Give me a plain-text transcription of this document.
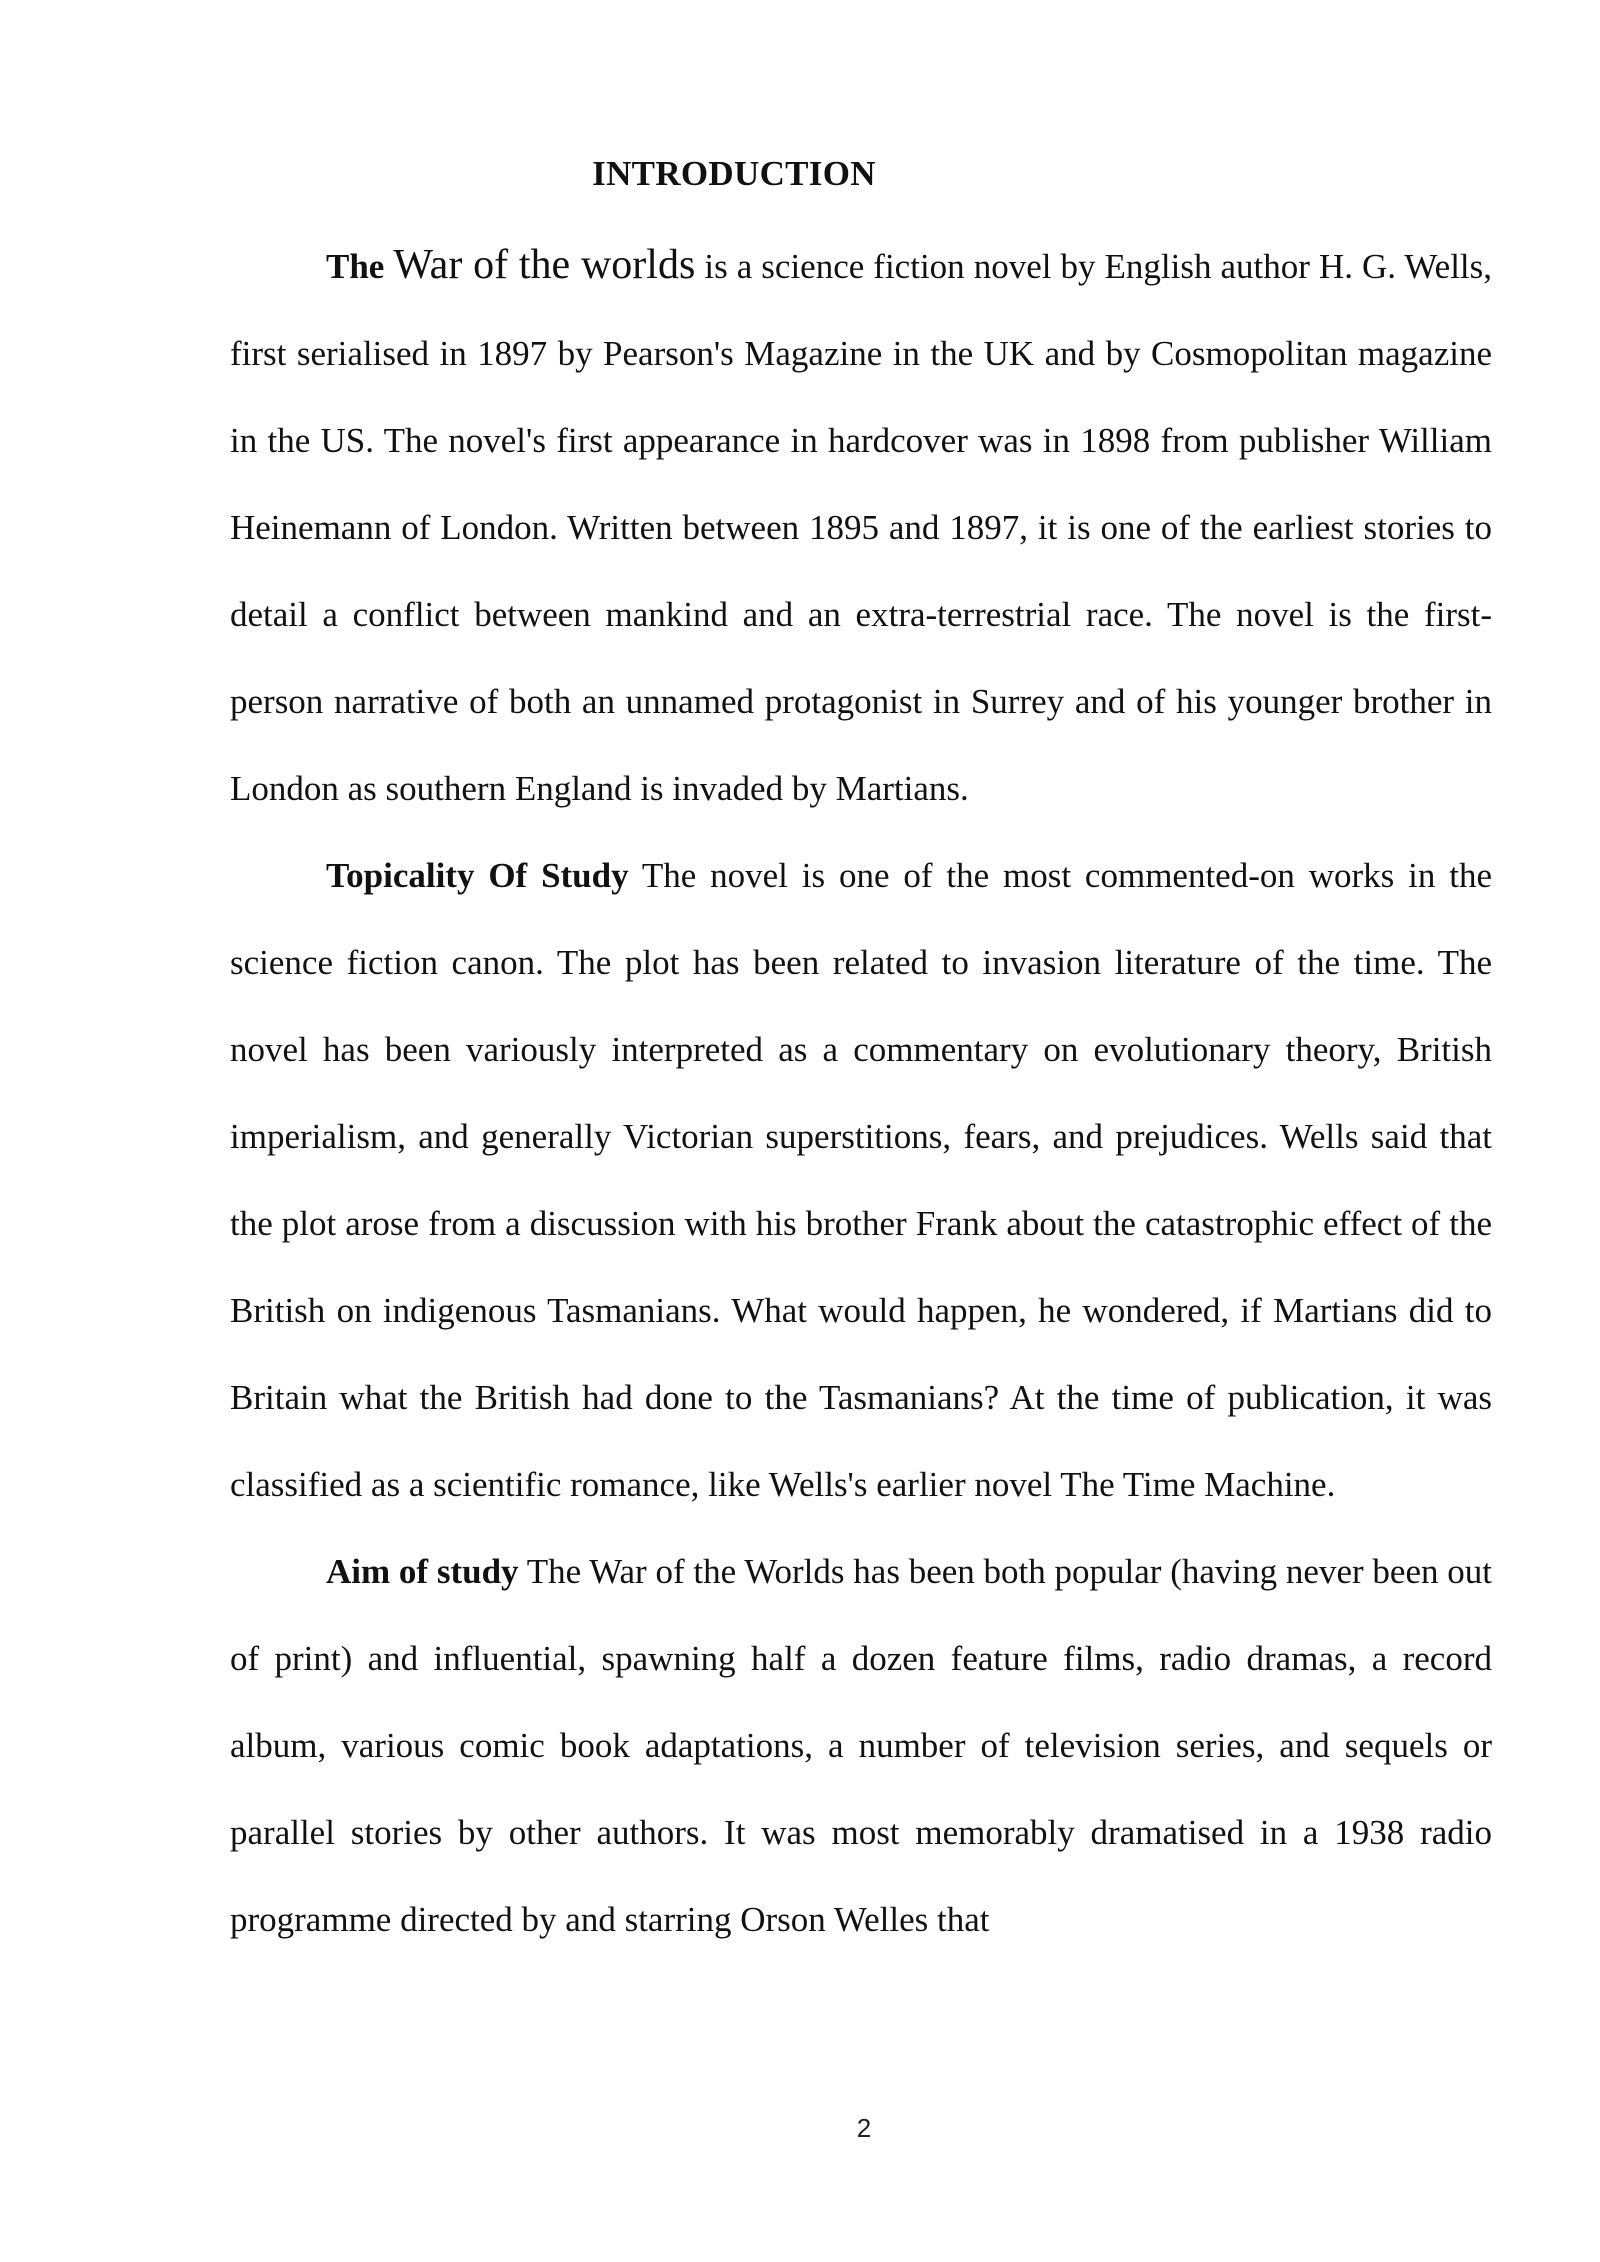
INTRODUCTION

The War of the worlds is a science fiction novel by English author H. G. Wells, first serialised in 1897 by Pearson's Magazine in the UK and by Cosmopolitan magazine in the US. The novel's first appearance in hardcover was in 1898 from publisher William Heinemann of London. Written between 1895 and 1897, it is one of the earliest stories to detail a conflict between mankind and an extra-terrestrial race. The novel is the first-person narrative of both an unnamed protagonist in Surrey and of his younger brother in London as southern England is invaded by Martians.

Topicality Of Study The novel is one of the most commented-on works in the science fiction canon. The plot has been related to invasion literature of the time. The novel has been variously interpreted as a commentary on evolutionary theory, British imperialism, and generally Victorian superstitions, fears, and prejudices. Wells said that the plot arose from a discussion with his brother Frank about the catastrophic effect of the British on indigenous Tasmanians. What would happen, he wondered, if Martians did to Britain what the British had done to the Tasmanians? At the time of publication, it was classified as a scientific romance, like Wells's earlier novel The Time Machine.

Aim of study The War of the Worlds has been both popular (having never been out of print) and influential, spawning half a dozen feature films, radio dramas, a record album, various comic book adaptations, a number of television series, and sequels or parallel stories by other authors. It was most memorably dramatised in a 1938 radio programme directed by and starring Orson Welles that

2
